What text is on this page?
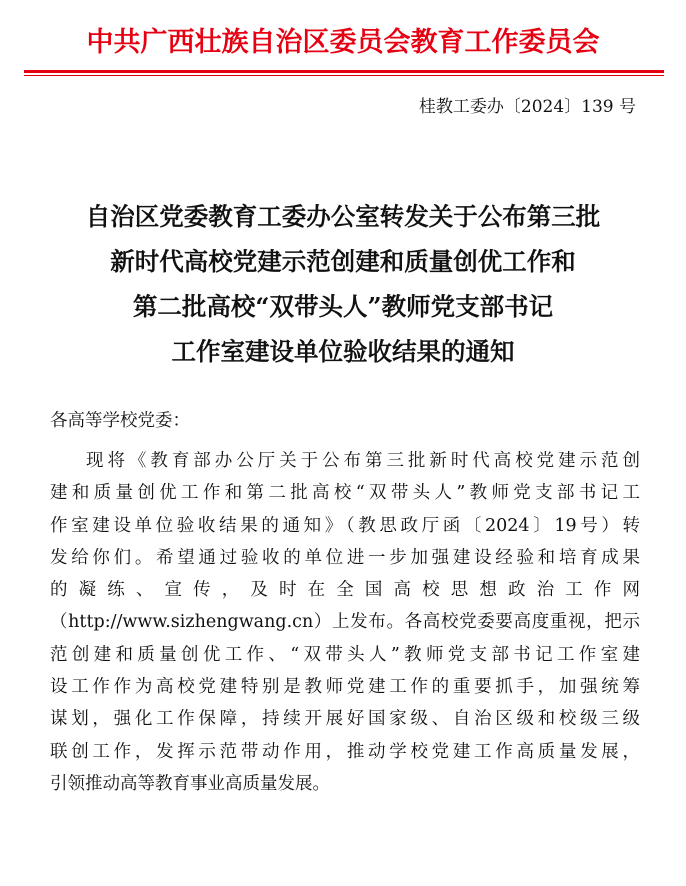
中共广西壮族自治区委员会教育工作委员会
桂教工委办〔2024〕139 号
自治区党委教育工委办公室转发关于公布第三批
新时代高校党建示范创建和质量创优工作和
第二批高校“双带头人”教师党支部书记
工作室建设单位验收结果的通知
各高等学校党委：
现将《教育部办公厅关于公布第三批新时代高校党建示范创
建和质量创优工作和第二批高校“双带头人”教师党支部书记工
作室建设单位验收结果的通知》（教思政厅函〔2024〕19号）转
发给你们。希望通过验收的单位进一步加强建设经验和培育成果
的凝练、宣传，及时在全国高校思想政治工作网
（http://www.sizhengwang.cn）上发布。各高校党委要高度重视，把示
范创建和质量创优工作、“双带头人”教师党支部书记工作室建
设工作作为高校党建特别是教师党建工作的重要抓手，加强统筹
谋划，强化工作保障，持续开展好国家级、自治区级和校级三级
联创工作，发挥示范带动作用，推动学校党建工作高质量发展，
引领推动高等教育事业高质量发展。
